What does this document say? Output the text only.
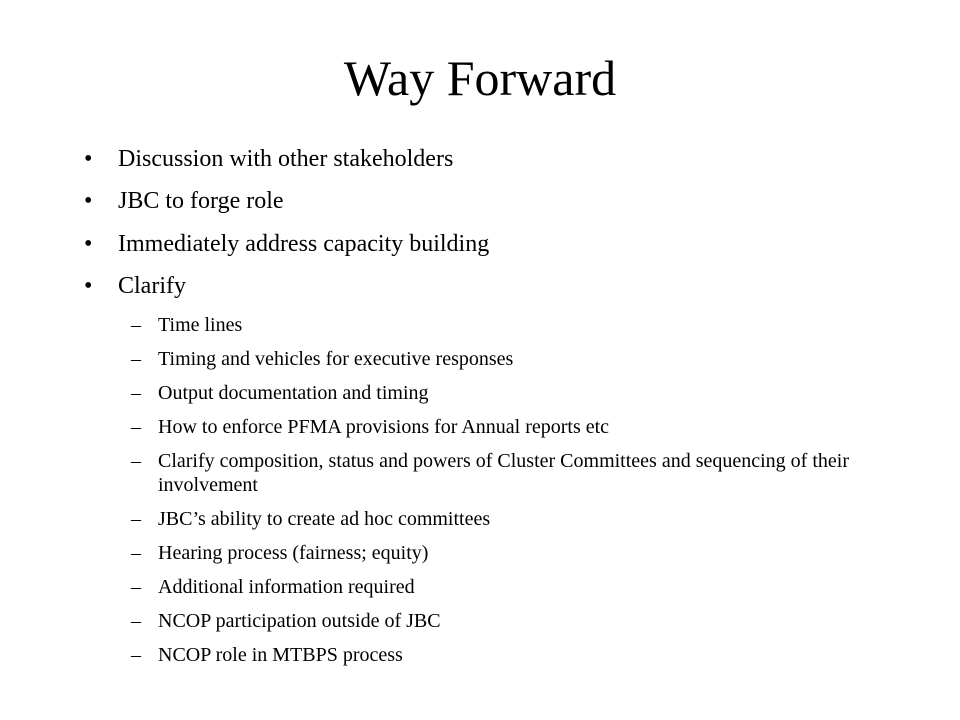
Way Forward
• Discussion with other stakeholders
• JBC to forge role
• Immediately address capacity building
• Clarify
– Time lines
– Timing and vehicles for executive responses
– Output documentation and timing
– How to enforce PFMA provisions for Annual reports etc
– Clarify composition, status and powers of Cluster Committees and sequencing of their involvement
– JBC’s ability to create ad hoc committees
– Hearing process (fairness; equity)
– Additional information required
– NCOP participation outside of JBC
– NCOP role in MTBPS process
